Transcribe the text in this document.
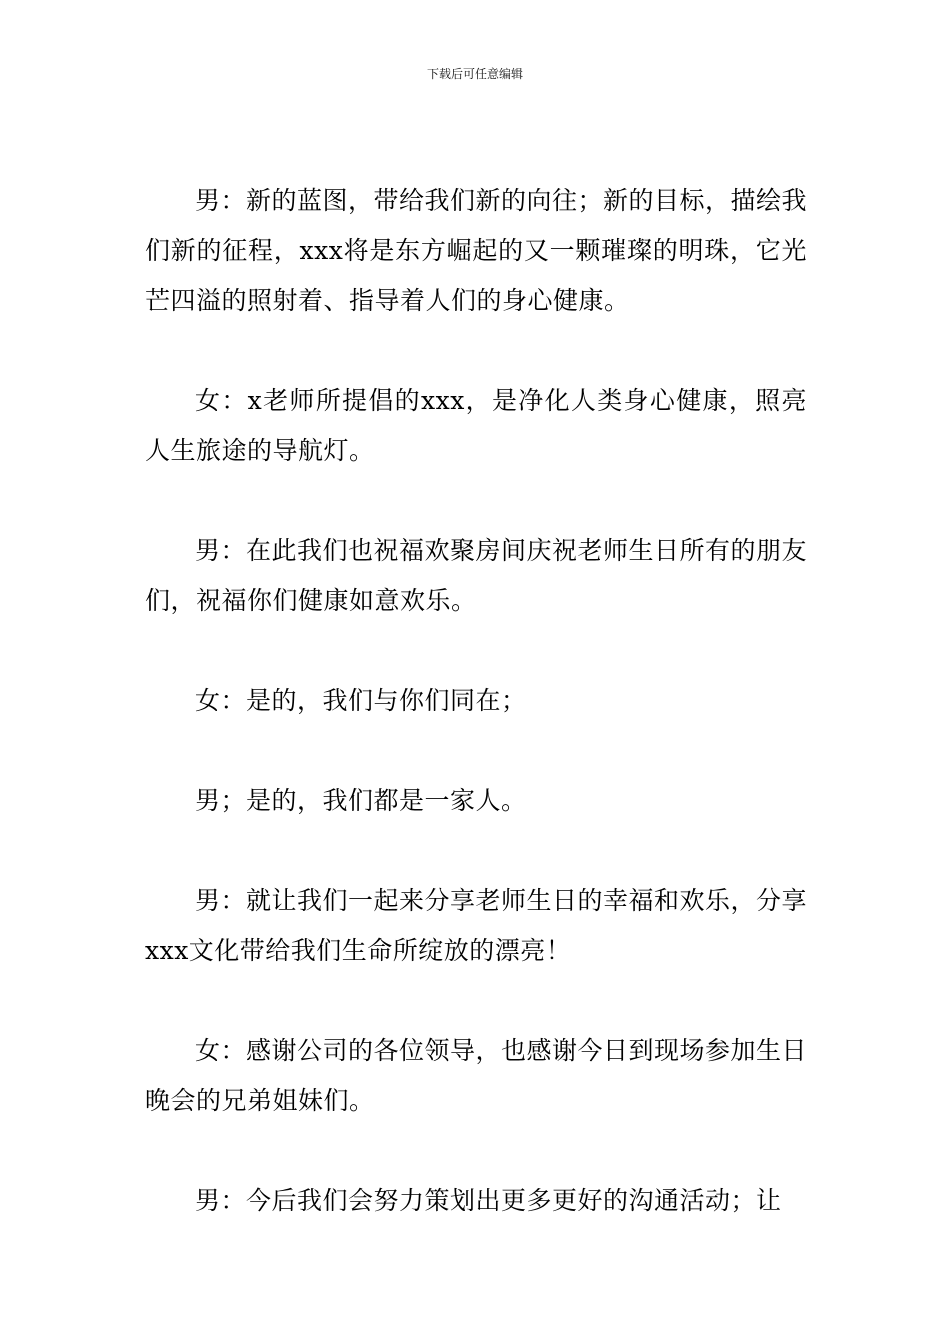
下载后可任意编辑

男：新的蓝图，带给我们新的向往；新的目标，描绘我们新的征程，xxx将是东方崛起的又一颗璀璨的明珠，它光芒四溢的照射着、指导着人们的身心健康。

女：x老师所提倡的xxx，是净化人类身心健康，照亮人生旅途的导航灯。

男：在此我们也祝福欢聚房间庆祝老师生日所有的朋友们，祝福你们健康如意欢乐。

女：是的，我们与你们同在；

男；是的，我们都是一家人。

男：就让我们一起来分享老师生日的幸福和欢乐，分享xxx文化带给我们生命所绽放的漂亮！

女：感谢公司的各位领导，也感谢今日到现场参加生日晚会的兄弟姐妹们。

男：今后我们会努力策划出更多更好的沟通活动；让
